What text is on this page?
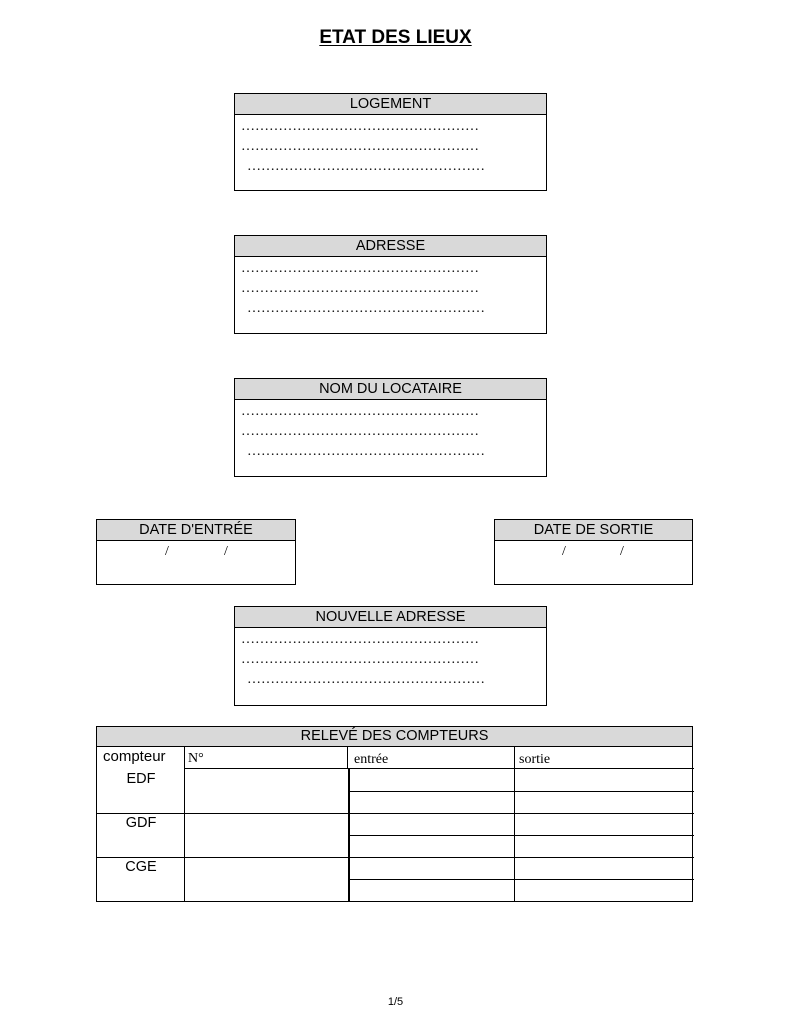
ETAT DES LIEUX
LOGEMENT
……………………………………………
……………………………………………
……………………………………………
ADRESSE
……………………………………………
……………………………………………
……………………………………………
NOM DU LOCATAIRE
……………………………………………
……………………………………………
……………………………………………
DATE D'ENTRÉE
/	/
DATE DE SORTIE
/	/
NOUVELLE ADRESSE
……………………………………………
……………………………………………
……………………………………………
RELEVÉ DES COMPTEURS
compteur N°	entrée	sortie
EDF
GDF
CGE
1/5
